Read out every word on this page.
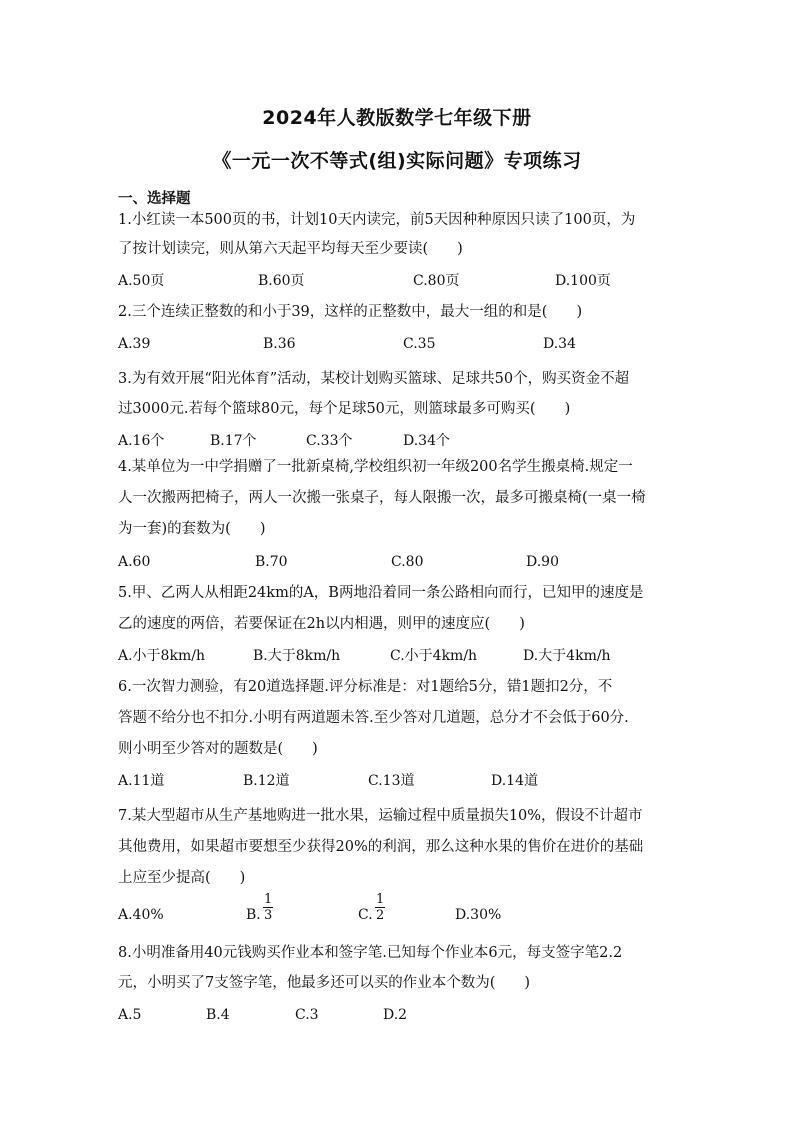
2024年人教版数学七年级下册
《一元一次不等式(组)实际问题》专项练习
一、选择题
1.小红读一本500页的书，计划10天内读完，前5天因种种原因只读了100页，为
了按计划读完，则从第六天起平均每天至少要读(　　)
A.50页	B.60页	C.80页	D.100页
2.三个连续正整数的和小于39，这样的正整数中，最大一组的和是(　　)
A.39	B.36	C.35	D.34
3.为有效开展“阳光体育”活动，某校计划购买篮球、足球共50个，购买资金不超
过3000元.若每个篮球80元，每个足球50元，则篮球最多可购买(　　)
A.16个	B.17个	C.33个	D.34个
4.某单位为一中学捐赠了一批新桌椅,学校组织初一年级200名学生搬桌椅.规定一
人一次搬两把椅子，两人一次搬一张桌子，每人限搬一次，最多可搬桌椅(一桌一椅
为一套)的套数为(　　)
A.60	B.70	C.80	D.90
5.甲、乙两人从相距24km的A，B两地沿着同一条公路相向而行，已知甲的速度是
乙的速度的两倍，若要保证在2h以内相遇，则甲的速度应(　　)
A.小于8km/h	B.大于8km/h	C.小于4km/h	D.大于4km/h
6.一次智力测验，有20道选择题.评分标准是：对1题给5分，错1题扣2分，不
答题不给分也不扣分.小明有两道题未答.至少答对几道题，总分才不会低于60分.
则小明至少答对的题数是(　　)
A.11道	B.12道	C.13道	D.14道
7.某大型超市从生产基地购进一批水果，运输过程中质量损失10%，假设不计超市
其他费用，如果超市要想至少获得20%的利润，那么这种水果的售价在进价的基础
上应至少提高(　　)
A.40%	B.
1
3	C.
1
2	D.30%
8.小明准备用40元钱购买作业本和签字笔.已知每个作业本6元，每支签字笔2.2
元，小明买了7支签字笔，他最多还可以买的作业本个数为(　　)
A.5	B.4	C.3	D.2
